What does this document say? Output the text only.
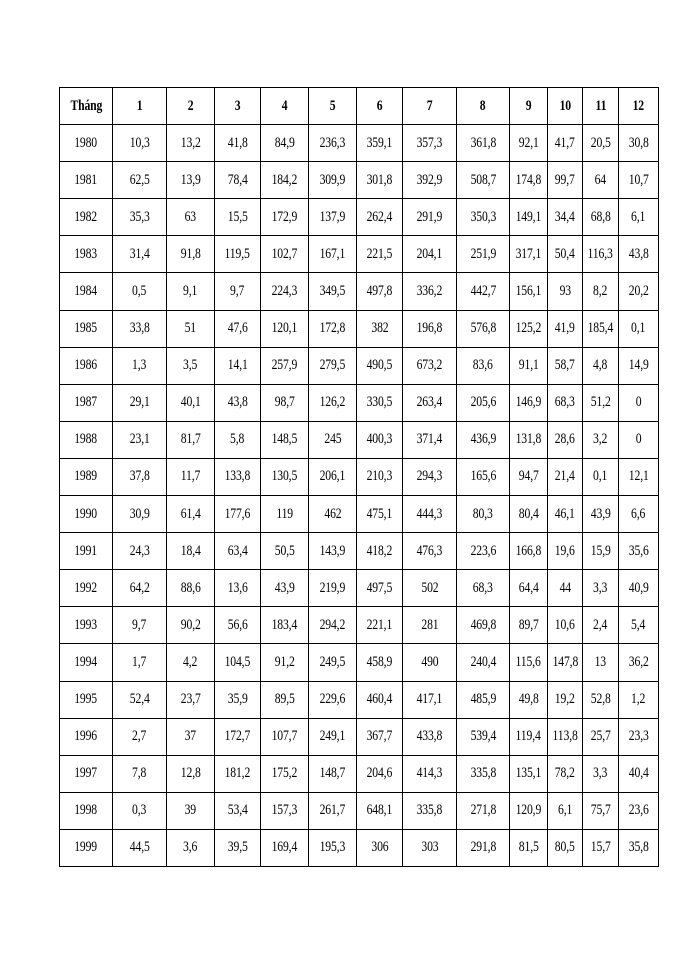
Tháng	1	2	3	4	5	6	7	8	9	10	11	12
1980	10,3	13,2	41,8	84,9	236,3	359,1	357,3	361,8	92,1	41,7	20,5	30,8
1981	62,5	13,9	78,4	184,2	309,9	301,8	392,9	508,7	174,8	99,7	64	10,7
1982	35,3	63	15,5	172,9	137,9	262,4	291,9	350,3	149,1	34,4	68,8	6,1
1983	31,4	91,8	119,5	102,7	167,1	221,5	204,1	251,9	317,1	50,4	116,3	43,8
1984	0,5	9,1	9,7	224,3	349,5	497,8	336,2	442,7	156,1	93	8,2	20,2
1985	33,8	51	47,6	120,1	172,8	382	196,8	576,8	125,2	41,9	185,4	0,1
1986	1,3	3,5	14,1	257,9	279,5	490,5	673,2	83,6	91,1	58,7	4,8	14,9
1987	29,1	40,1	43,8	98,7	126,2	330,5	263,4	205,6	146,9	68,3	51,2	0
1988	23,1	81,7	5,8	148,5	245	400,3	371,4	436,9	131,8	28,6	3,2	0
1989	37,8	11,7	133,8	130,5	206,1	210,3	294,3	165,6	94,7	21,4	0,1	12,1
1990	30,9	61,4	177,6	119	462	475,1	444,3	80,3	80,4	46,1	43,9	6,6
1991	24,3	18,4	63,4	50,5	143,9	418,2	476,3	223,6	166,8	19,6	15,9	35,6
1992	64,2	88,6	13,6	43,9	219,9	497,5	502	68,3	64,4	44	3,3	40,9
1993	9,7	90,2	56,6	183,4	294,2	221,1	281	469,8	89,7	10,6	2,4	5,4
1994	1,7	4,2	104,5	91,2	249,5	458,9	490	240,4	115,6	147,8	13	36,2
1995	52,4	23,7	35,9	89,5	229,6	460,4	417,1	485,9	49,8	19,2	52,8	1,2
1996	2,7	37	172,7	107,7	249,1	367,7	433,8	539,4	119,4	113,8	25,7	23,3
1997	7,8	12,8	181,2	175,2	148,7	204,6	414,3	335,8	135,1	78,2	3,3	40,4
1998	0,3	39	53,4	157,3	261,7	648,1	335,8	271,8	120,9	6,1	75,7	23,6
1999	44,5	3,6	39,5	169,4	195,3	306	303	291,8	81,5	80,5	15,7	35,8
